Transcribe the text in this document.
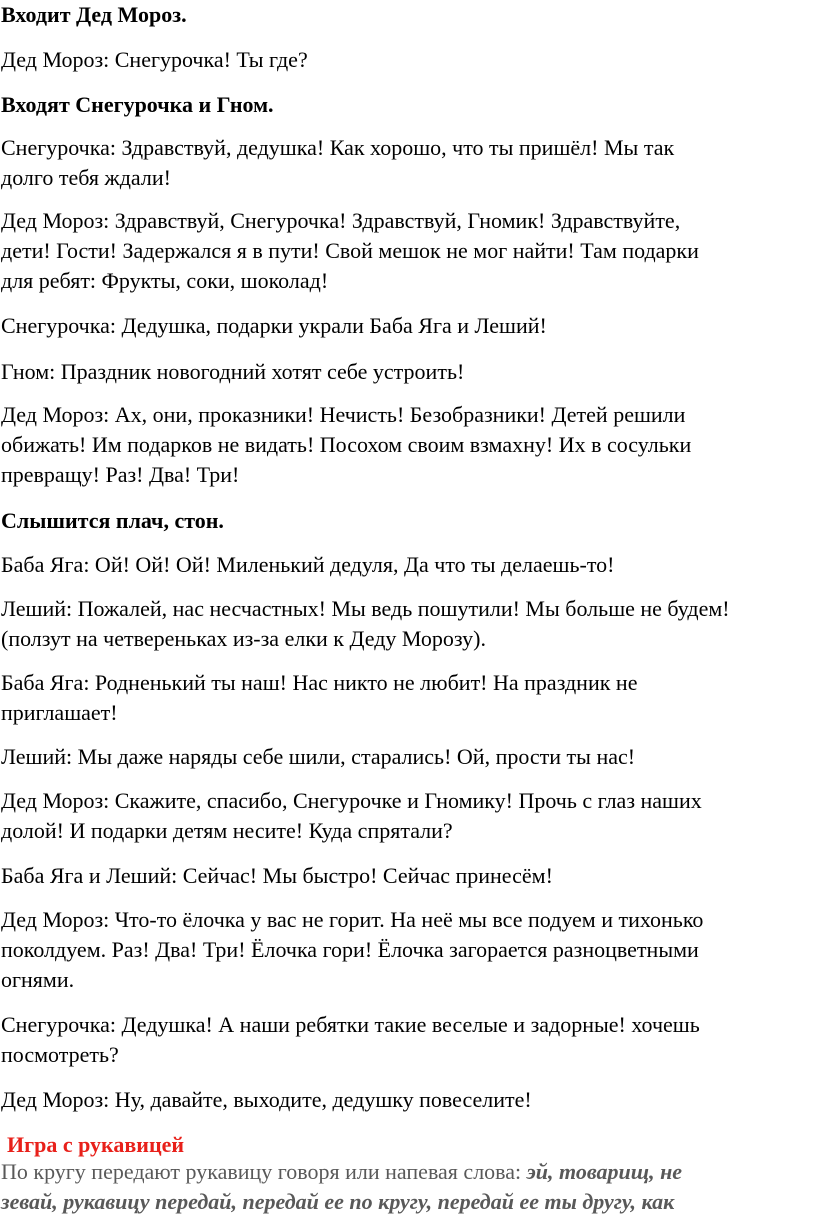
Входит Дед Мороз.

Дед Мороз: Снегурочка! Ты где?

Входят Снегурочка и Гном.

Снегурочка: Здравствуй, дедушка! Как хорошо, что ты пришёл! Мы так

долго тебя ждали!

Дед Мороз: Здравствуй, Снегурочка! Здравствуй, Гномик! Здравствуйте,

дети! Гости! Задержался я в пути! Свой мешок не мог найти! Там подарки

для ребят: Фрукты, соки, шоколад!

Снегурочка: Дедушка, подарки украли Баба Яга и Леший!

Гном: Праздник новогодний хотят себе устроить!

Дед Мороз: Ах, они, проказники! Нечисть! Безобразники! Детей решили

обижать! Им подарков не видать! Посохом своим взмахну! Их в сосульки

превращу! Раз! Два! Три!

Слышится плач, стон.

Баба Яга: Ой! Ой! Ой! Миленький дедуля, Да что ты делаешь-то!

Леший: Пожалей, нас несчастных! Мы ведь пошутили! Мы больше не будем!

(ползут на четвереньках из-за елки к Деду Морозу).

Баба Яга: Родненький ты наш! Нас никто не любит! На праздник не

приглашает!

Леший: Мы даже наряды себе шили, старались! Ой, прости ты нас!

Дед Мороз: Скажите, спасибо, Снегурочке и Гномику! Прочь с глаз наших

долой! И подарки детям несите! Куда спрятали?

Баба Яга и Леший: Сейчас! Мы быстро! Сейчас принесём!

Дед Мороз: Что-то ёлочка у вас не горит. На неё мы все подуем и тихонько

поколдуем. Раз! Два! Три! Ёлочка гори! Ёлочка загорается разноцветными

огнями.

Снегурочка: Дедушка! А наши ребятки такие веселые и задорные! хочешь

посмотреть?

Дед Мороз: Ну, давайте, выходите, дедушку повеселите!

Игра с рукавицей

По кругу передают рукавицу говоря или напевая слова: эй, товарищ, не

зевай, рукавицу передай, передай ее по кругу, передай ее ты другу, как
